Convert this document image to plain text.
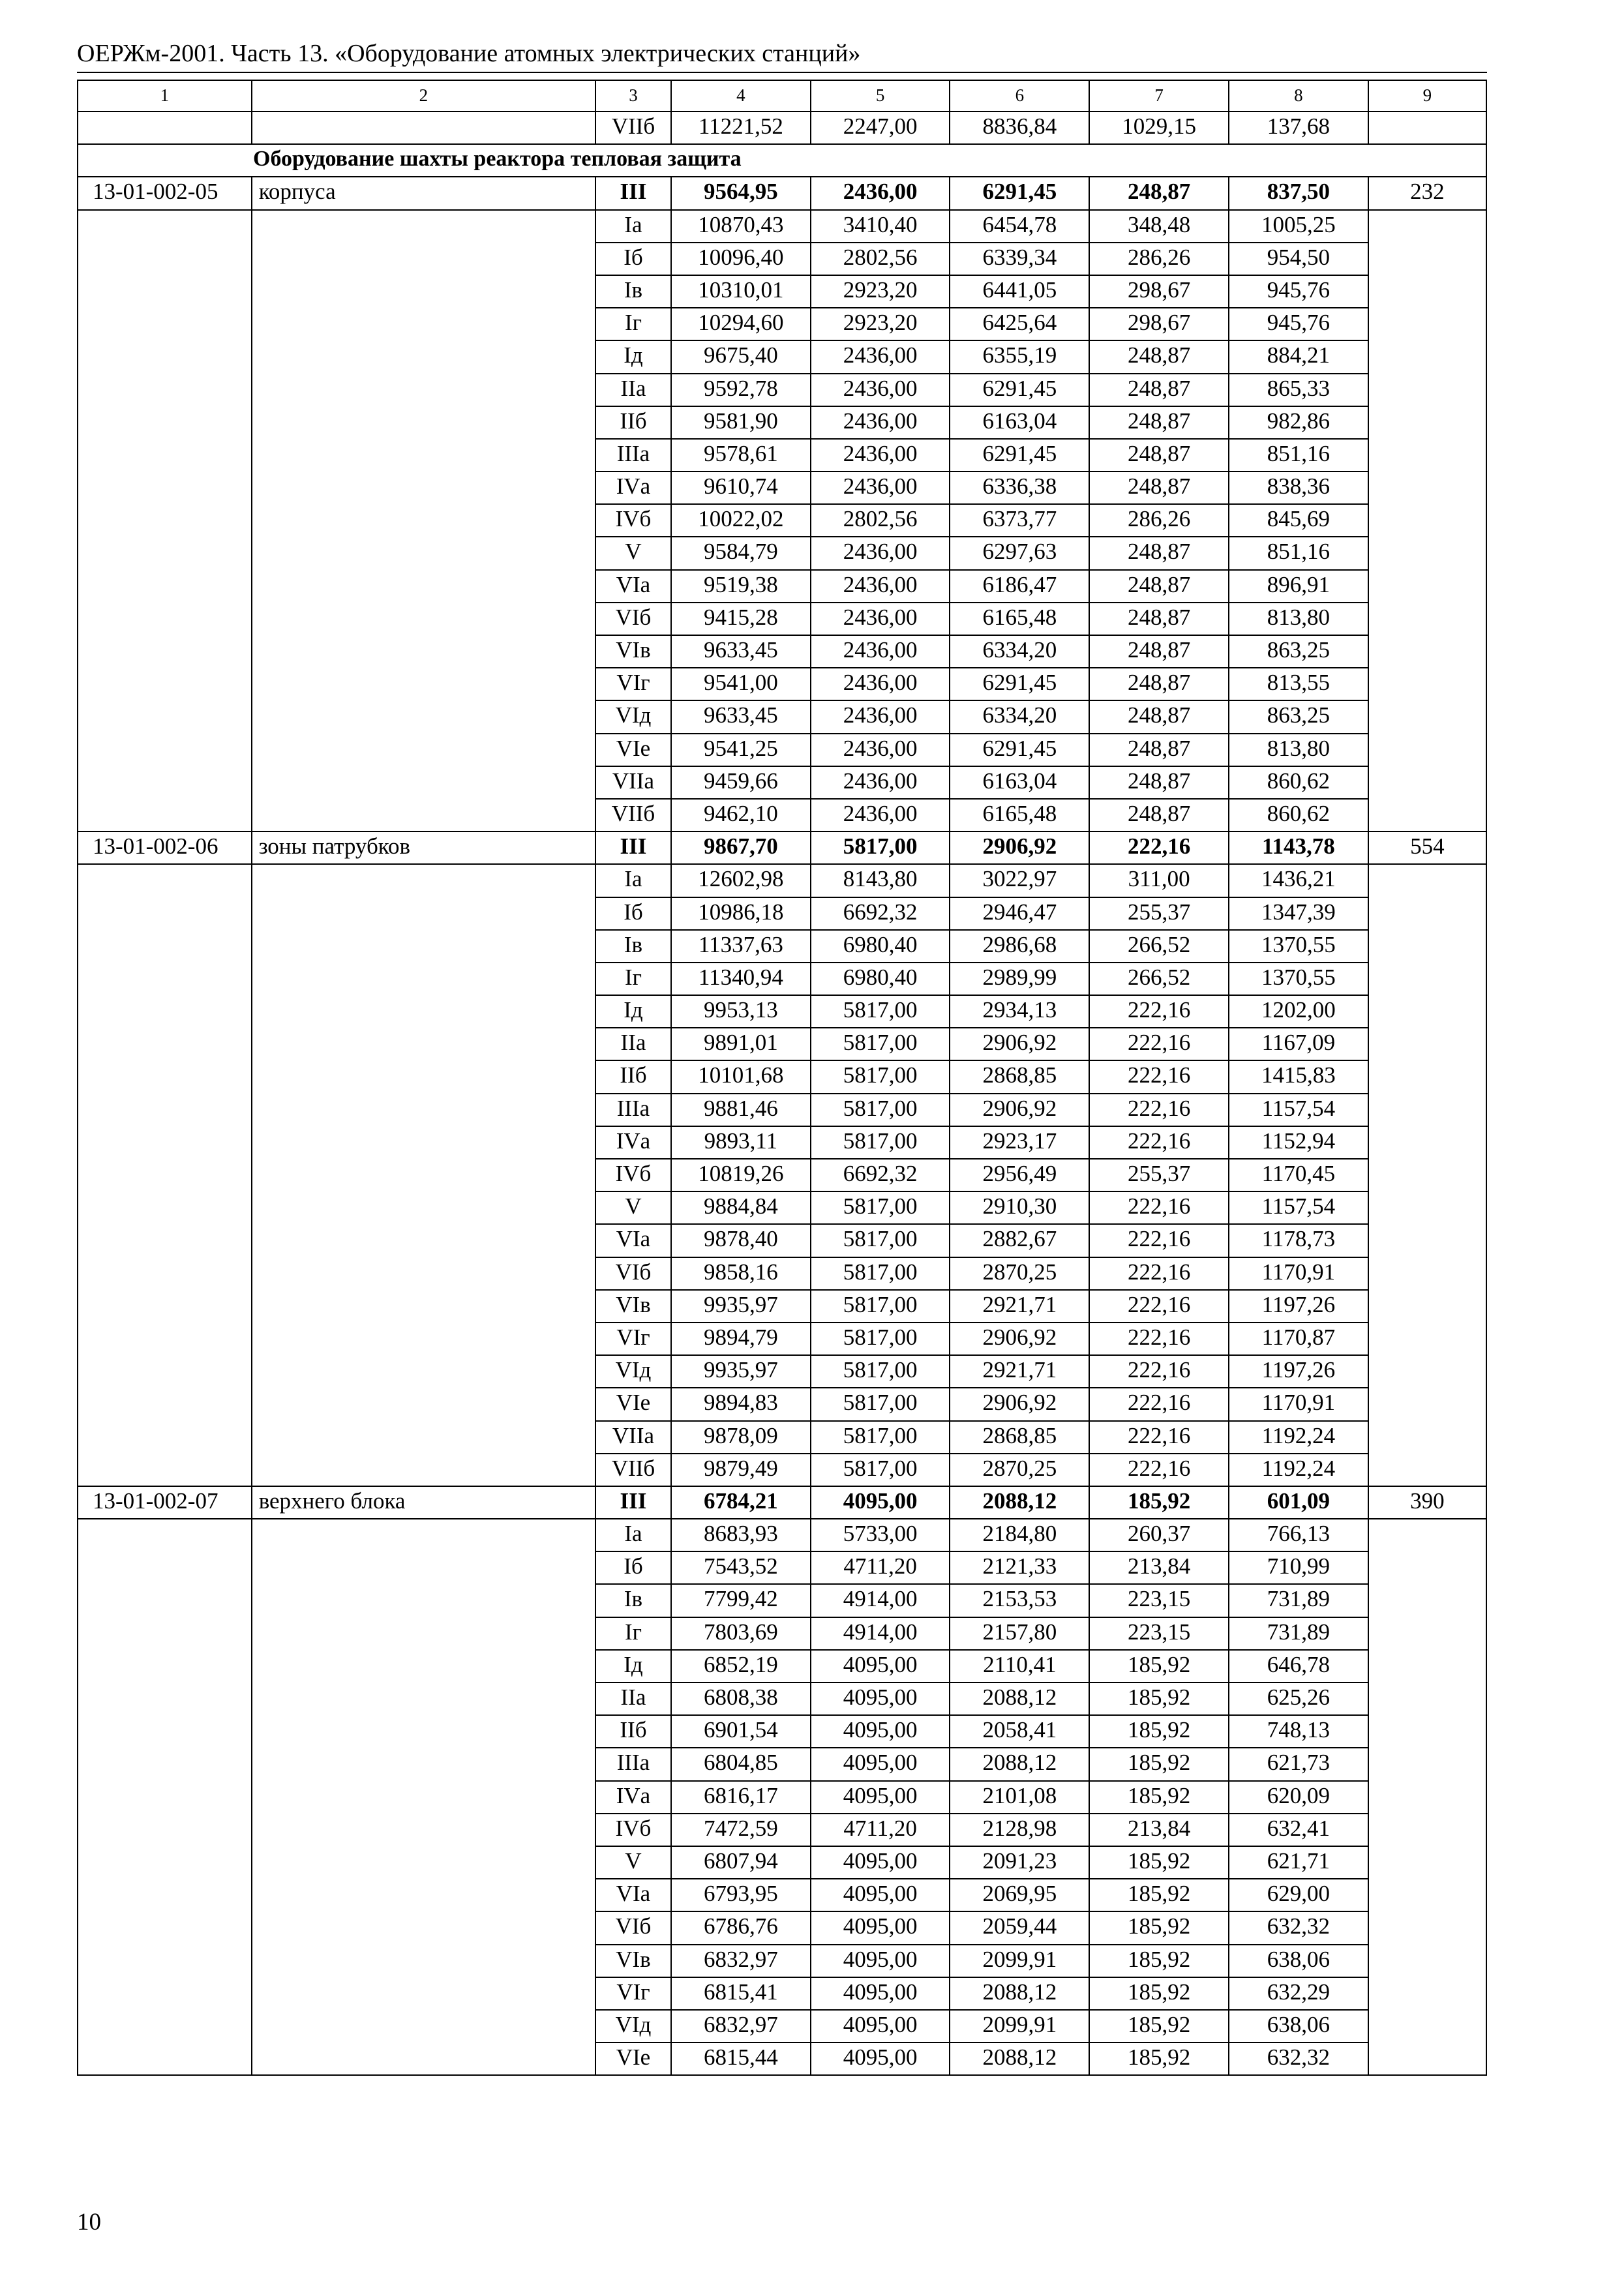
ОЕРЖм-2001. Часть 13. «Оборудование атомных электрических станций»
1	2	3	4	5	6	7	8	9
		VIIб	11221,52	2247,00	8836,84	1029,15	137,68	
Оборудование шахты реактора тепловая защита								
13-01-002-05	корпуса	III	9564,95	2436,00	6291,45	248,87	837,50	232
		Iа	10870,43	3410,40	6454,78	348,48	1005,25	
		Iб	10096,40	2802,56	6339,34	286,26	954,50	
		Iв	10310,01	2923,20	6441,05	298,67	945,76	
		Iг	10294,60	2923,20	6425,64	298,67	945,76	
		Iд	9675,40	2436,00	6355,19	248,87	884,21	
		IIа	9592,78	2436,00	6291,45	248,87	865,33	
		IIб	9581,90	2436,00	6163,04	248,87	982,86	
		IIIа	9578,61	2436,00	6291,45	248,87	851,16	
		IVа	9610,74	2436,00	6336,38	248,87	838,36	
		IVб	10022,02	2802,56	6373,77	286,26	845,69	
		V	9584,79	2436,00	6297,63	248,87	851,16	
		VIа	9519,38	2436,00	6186,47	248,87	896,91	
		VIб	9415,28	2436,00	6165,48	248,87	813,80	
		VIв	9633,45	2436,00	6334,20	248,87	863,25	
		VIг	9541,00	2436,00	6291,45	248,87	813,55	
		VIд	9633,45	2436,00	6334,20	248,87	863,25	
		VIе	9541,25	2436,00	6291,45	248,87	813,80	
		VIIа	9459,66	2436,00	6163,04	248,87	860,62	
		VIIб	9462,10	2436,00	6165,48	248,87	860,62	
13-01-002-06	зоны патрубков	III	9867,70	5817,00	2906,92	222,16	1143,78	554
		Iа	12602,98	8143,80	3022,97	311,00	1436,21	
		Iб	10986,18	6692,32	2946,47	255,37	1347,39	
		Iв	11337,63	6980,40	2986,68	266,52	1370,55	
		Iг	11340,94	6980,40	2989,99	266,52	1370,55	
		Iд	9953,13	5817,00	2934,13	222,16	1202,00	
		IIа	9891,01	5817,00	2906,92	222,16	1167,09	
		IIб	10101,68	5817,00	2868,85	222,16	1415,83	
		IIIа	9881,46	5817,00	2906,92	222,16	1157,54	
		IVа	9893,11	5817,00	2923,17	222,16	1152,94	
		IVб	10819,26	6692,32	2956,49	255,37	1170,45	
		V	9884,84	5817,00	2910,30	222,16	1157,54	
		VIа	9878,40	5817,00	2882,67	222,16	1178,73	
		VIб	9858,16	5817,00	2870,25	222,16	1170,91	
		VIв	9935,97	5817,00	2921,71	222,16	1197,26	
		VIг	9894,79	5817,00	2906,92	222,16	1170,87	
		VIд	9935,97	5817,00	2921,71	222,16	1197,26	
		VIе	9894,83	5817,00	2906,92	222,16	1170,91	
		VIIа	9878,09	5817,00	2868,85	222,16	1192,24	
		VIIб	9879,49	5817,00	2870,25	222,16	1192,24	
13-01-002-07	верхнего блока	III	6784,21	4095,00	2088,12	185,92	601,09	390
		Iа	8683,93	5733,00	2184,80	260,37	766,13	
		Iб	7543,52	4711,20	2121,33	213,84	710,99	
		Iв	7799,42	4914,00	2153,53	223,15	731,89	
		Iг	7803,69	4914,00	2157,80	223,15	731,89	
		Iд	6852,19	4095,00	2110,41	185,92	646,78	
		IIа	6808,38	4095,00	2088,12	185,92	625,26	
		IIб	6901,54	4095,00	2058,41	185,92	748,13	
		IIIа	6804,85	4095,00	2088,12	185,92	621,73	
		IVа	6816,17	4095,00	2101,08	185,92	620,09	
		IVб	7472,59	4711,20	2128,98	213,84	632,41	
		V	6807,94	4095,00	2091,23	185,92	621,71	
		VIа	6793,95	4095,00	2069,95	185,92	629,00	
		VIб	6786,76	4095,00	2059,44	185,92	632,32	
		VIв	6832,97	4095,00	2099,91	185,92	638,06	
		VIг	6815,41	4095,00	2088,12	185,92	632,29	
		VIд	6832,97	4095,00	2099,91	185,92	638,06	
		VIе	6815,44	4095,00	2088,12	185,92	632,32	
10
